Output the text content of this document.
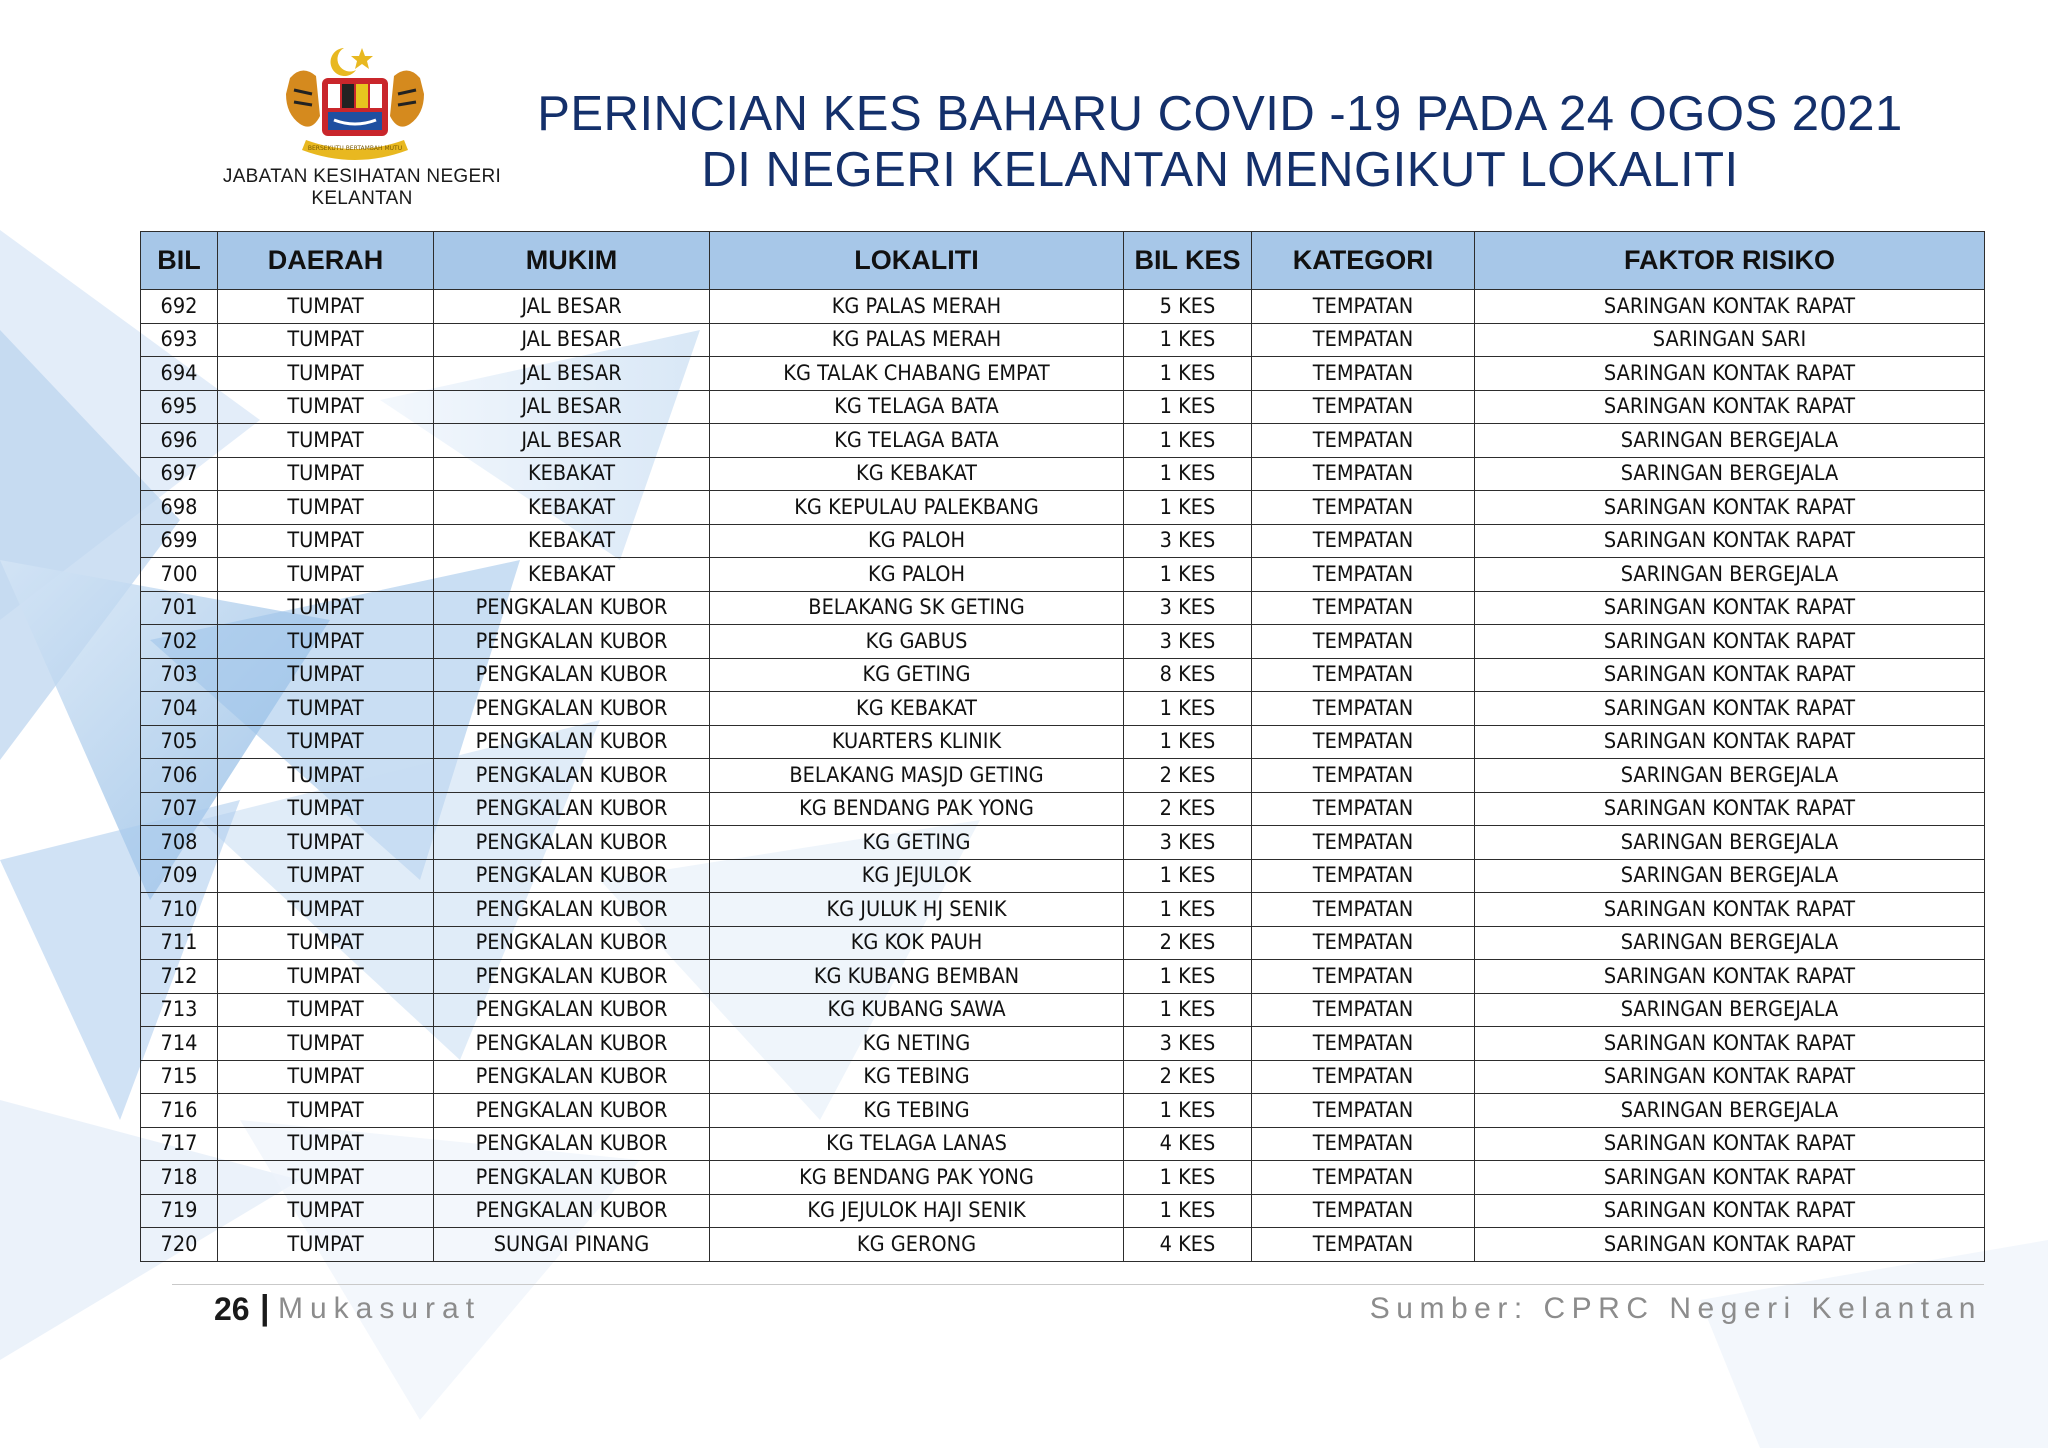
BERSEKUTU BERTAMBAH MUTU
JABATAN KESIHATAN NEGERI KELANTAN
PERINCIAN KES BAHARU COVID -19 PADA 24 OGOS 2021
DI NEGERI KELANTAN MENGIKUT LOKALITI
BIL	DAERAH	MUKIM	LOKALITI	BIL KES	KATEGORI	FAKTOR RISIKO
692	TUMPAT	JAL BESAR	KG PALAS MERAH	5 KES	TEMPATAN	SARINGAN KONTAK RAPAT
693	TUMPAT	JAL BESAR	KG PALAS MERAH	1 KES	TEMPATAN	SARINGAN SARI
694	TUMPAT	JAL BESAR	KG TALAK CHABANG EMPAT	1 KES	TEMPATAN	SARINGAN KONTAK RAPAT
695	TUMPAT	JAL BESAR	KG TELAGA BATA	1 KES	TEMPATAN	SARINGAN KONTAK RAPAT
696	TUMPAT	JAL BESAR	KG TELAGA BATA	1 KES	TEMPATAN	SARINGAN BERGEJALA
697	TUMPAT	KEBAKAT	KG KEBAKAT	1 KES	TEMPATAN	SARINGAN BERGEJALA
698	TUMPAT	KEBAKAT	KG KEPULAU PALEKBANG	1 KES	TEMPATAN	SARINGAN KONTAK RAPAT
699	TUMPAT	KEBAKAT	KG PALOH	3 KES	TEMPATAN	SARINGAN KONTAK RAPAT
700	TUMPAT	KEBAKAT	KG PALOH	1 KES	TEMPATAN	SARINGAN BERGEJALA
701	TUMPAT	PENGKALAN KUBOR	BELAKANG SK GETING	3 KES	TEMPATAN	SARINGAN KONTAK RAPAT
702	TUMPAT	PENGKALAN KUBOR	KG GABUS	3 KES	TEMPATAN	SARINGAN KONTAK RAPAT
703	TUMPAT	PENGKALAN KUBOR	KG GETING	8 KES	TEMPATAN	SARINGAN KONTAK RAPAT
704	TUMPAT	PENGKALAN KUBOR	KG KEBAKAT	1 KES	TEMPATAN	SARINGAN KONTAK RAPAT
705	TUMPAT	PENGKALAN KUBOR	KUARTERS KLINIK	1 KES	TEMPATAN	SARINGAN KONTAK RAPAT
706	TUMPAT	PENGKALAN KUBOR	BELAKANG MASJD GETING	2 KES	TEMPATAN	SARINGAN BERGEJALA
707	TUMPAT	PENGKALAN KUBOR	KG BENDANG PAK YONG	2 KES	TEMPATAN	SARINGAN KONTAK RAPAT
708	TUMPAT	PENGKALAN KUBOR	KG GETING	3 KES	TEMPATAN	SARINGAN BERGEJALA
709	TUMPAT	PENGKALAN KUBOR	KG JEJULOK	1 KES	TEMPATAN	SARINGAN BERGEJALA
710	TUMPAT	PENGKALAN KUBOR	KG JULUK HJ SENIK	1 KES	TEMPATAN	SARINGAN KONTAK RAPAT
711	TUMPAT	PENGKALAN KUBOR	KG KOK PAUH	2 KES	TEMPATAN	SARINGAN BERGEJALA
712	TUMPAT	PENGKALAN KUBOR	KG KUBANG BEMBAN	1 KES	TEMPATAN	SARINGAN KONTAK RAPAT
713	TUMPAT	PENGKALAN KUBOR	KG KUBANG SAWA	1 KES	TEMPATAN	SARINGAN BERGEJALA
714	TUMPAT	PENGKALAN KUBOR	KG NETING	3 KES	TEMPATAN	SARINGAN KONTAK RAPAT
715	TUMPAT	PENGKALAN KUBOR	KG TEBING	2 KES	TEMPATAN	SARINGAN KONTAK RAPAT
716	TUMPAT	PENGKALAN KUBOR	KG TEBING	1 KES	TEMPATAN	SARINGAN BERGEJALA
717	TUMPAT	PENGKALAN KUBOR	KG TELAGA LANAS	4 KES	TEMPATAN	SARINGAN KONTAK RAPAT
718	TUMPAT	PENGKALAN KUBOR	KG BENDANG PAK YONG	1 KES	TEMPATAN	SARINGAN KONTAK RAPAT
719	TUMPAT	PENGKALAN KUBOR	KG JEJULOK HAJI SENIK	1 KES	TEMPATAN	SARINGAN KONTAK RAPAT
720	TUMPAT	SUNGAI PINANG	KG GERONG	4 KES	TEMPATAN	SARINGAN KONTAK RAPAT
26 | Mukasurat	Sumber: CPRC Negeri Kelantan
